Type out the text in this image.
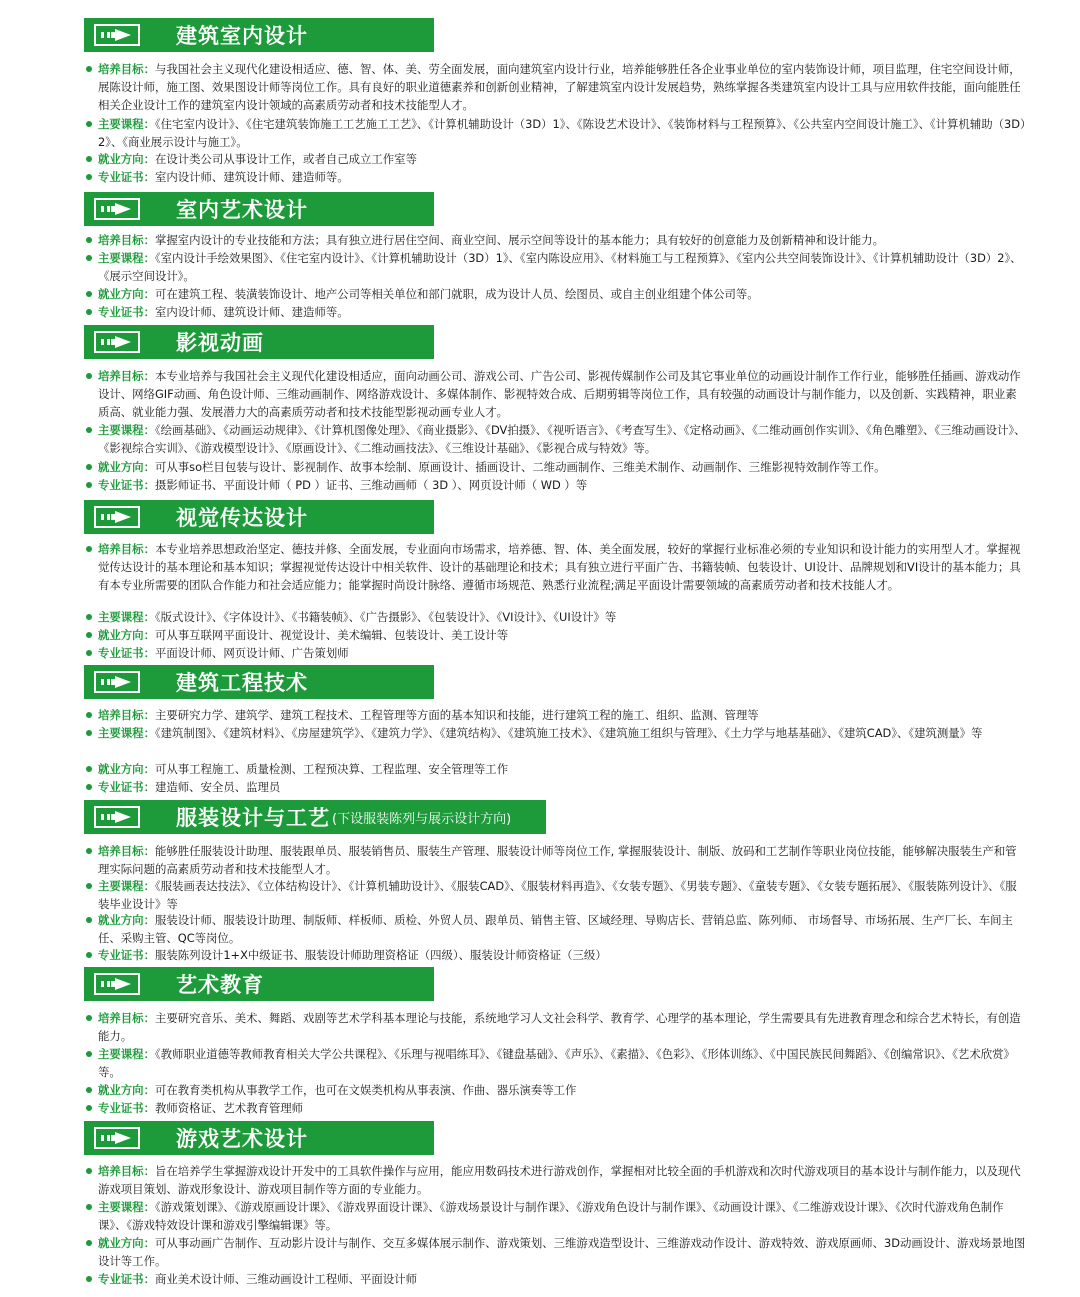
建筑室内设计
培养目标：与我国社会主义现代化建设相适应、德、智、体、美、劳全面发展，面向建筑室内设计行业，培养能够胜任各企业事业单位的室内装饰设计师，项目监理，住宅空间设计师，展陈设计师，施工图、效果图设计师等岗位工作。具有良好的职业道德素养和创新创业精神，了解建筑室内设计发展趋势，熟练掌握各类建筑室内设计工具与应用软件技能，面向能胜任相关企业设计工作的建筑室内设计领域的高素质劳动者和技术技能型人才。
主要课程：《住宅室内设计》、《住宅建筑装饰施工工艺施工工艺》、《计算机辅助设计（3D）1》、《陈设艺术设计》、《装饰材料与工程预算》、《公共室内空间设计施工》、《计算机辅助（3D）2》、《商业展示设计与施工》。
就业方向：在设计类公司从事设计工作，或者自己成立工作室等
专业证书：室内设计师、建筑设计师、建造师等。
室内艺术设计
培养目标：掌握室内设计的专业技能和方法；具有独立进行居住空间、商业空间、展示空间等设计的基本能力；具有较好的创意能力及创新精神和设计能力。
主要课程：《室内设计手绘效果图》、《住宅室内设计》、《计算机辅助设计（3D）1》、《室内陈设应用》、《材料施工与工程预算》、《室内公共空间装饰设计》、《计算机辅助设计（3D）2》、《展示空间设计》。
就业方向：可在建筑工程、装潢装饰设计、地产公司等相关单位和部门就职，成为设计人员、绘图员、或自主创业组建个体公司等。
专业证书：室内设计师、建筑设计师、建造师等。
影视动画
培养目标：本专业培养与我国社会主义现代化建设相适应，面向动画公司、游戏公司、广告公司、影视传媒制作公司及其它事业单位的动画设计制作工作行业，能够胜任插画、游戏动作设计、网络GIF动画、角色设计师、三维动画制作、网络游戏设计、多媒体制作、影视特效合成、后期剪辑等岗位工作，具有较强的动画设计与制作能力，以及创新、实践精神，职业素质高、就业能力强、发展潜力大的高素质劳动者和技术技能型影视动画专业人才。
主要课程：《绘画基础》、《动画运动规律》、《计算机图像处理》、《商业摄影》、《DV拍摄》、《视听语言》、《考查写生》、《定格动画》、《二维动画创作实训》、《角色雕塑》、《三维动画设计》、《影视综合实训》、《游戏模型设计》、《原画设计》、《二维动画技法》、《三维设计基础》、《影视合成与特效》等。
就业方向：可从事so栏目包装与设计、影视制作、故事本绘制、原画设计、插画设计、二维动画制作、三维美术制作、动画制作、三维影视特效制作等工作。
专业证书：摄影师证书、平面设计师（ PD ）证书、三维动画师（ 3D ）、网页设计师（ WD ）等
视觉传达设计
培养目标：本专业培养思想政治坚定、德技并修、全面发展，专业面向市场需求，培养德、智、体、美全面发展，较好的掌握行业标准必须的专业知识和设计能力的实用型人才。掌握视觉传达设计的基本理论和基本知识；掌握视觉传达设计中相关软件、设计的基础理论和技术；具有独立进行平面广告、书籍装帧、包装设计、UI设计、品牌规划和VI设计的基本能力；具有本专业所需要的团队合作能力和社会适应能力；能掌握时尚设计脉络、遵循市场规范、熟悉行业流程;满足平面设计需要领域的高素质劳动者和技术技能人才。
主要课程：《版式设计》、《字体设计》、《书籍装帧》、《广告摄影》、《包装设计》、《VI设计》、《UI设计》等
就业方向：可从事互联网平面设计、视觉设计、美术编辑、包装设计、美工设计等
专业证书：平面设计师、网页设计师、广告策划师
建筑工程技术
培养目标：主要研究力学、建筑学、建筑工程技术、工程管理等方面的基本知识和技能，进行建筑工程的施工、组织、监测、管理等
主要课程：《建筑制图》、《建筑材料》、《房屋建筑学》、《建筑力学》、《建筑结构》、《建筑施工技术》、《建筑施工组织与管理》、《土力学与地基基础》、《建筑CAD》、《建筑测量》等
就业方向：可从事工程施工、质量检测、工程预决算、工程监理、安全管理等工作
专业证书：建造师、安全员、监理员
服装设计与工艺 (下设服装陈列与展示设计方向)
培养目标：能够胜任服装设计助理、服装跟单员、服装销售员、服装生产管理、服装设计师等岗位工作, 掌握服装设计、制版、放码和工艺制作等职业岗位技能，能够解决服装生产和管理实际问题的高素质劳动者和技术技能型人才。
主要课程：《服装画表达技法》、《立体结构设计》、《计算机辅助设计》、《服装CAD》、《服装材料再造》、《女装专题》、《男装专题》、《童装专题》、《女装专题拓展》、《服装陈列设计》、《服装毕业设计》等
就业方向：服装设计师、服装设计助理、制版师、样板师、质检、外贸人员、跟单员、销售主管、区域经理、导购店长、营销总监、陈列师、 市场督导、市场拓展、生产厂长、车间主任、采购主管、QC等岗位。
专业证书：服装陈列设计1+X中级证书、服装设计师助理资格证（四级）、服装设计师资格证（三级）
艺术教育
培养目标：主要研究音乐、美术、舞蹈、戏剧等艺术学科基本理论与技能，系统地学习人文社会科学、教育学、心理学的基本理论，学生需要具有先进教育理念和综合艺术特长，有创造能力。
主要课程：《教师职业道德等教师教育相关大学公共课程》、《乐理与视唱练耳》、《键盘基础》、《声乐》、《素描》、《色彩》、《形体训练》、《中国民族民间舞蹈》、《创编常识》、《艺术欣赏》等。
就业方向：可在教育类机构从事教学工作，也可在文娱类机构从事表演、作曲、器乐演奏等工作
专业证书：教师资格证、艺术教育管理师
游戏艺术设计
培养目标：旨在培养学生掌握游戏设计开发中的工具软件操作与应用，能应用数码技术进行游戏创作，掌握相对比较全面的手机游戏和次时代游戏项目的基本设计与制作能力，以及现代游戏项目策划、游戏形象设计、游戏项目制作等方面的专业能力。
主要课程：《游戏策划课》、《游戏原画设计课》、《游戏界面设计课》、《游戏场景设计与制作课》、《游戏角色设计与制作课》、《动画设计课》、《二维游戏设计课》、《次时代游戏角色制作课》、《游戏特效设计课和游戏引擎编辑课》等。
就业方向：可从事动画广告制作、互动影片设计与制作、交互多媒体展示制作、游戏策划、三维游戏造型设计、三维游戏动作设计、游戏特效、游戏原画师、3D动画设计、游戏场景地图设计等工作。
专业证书：商业美术设计师、三维动画设计工程师、平面设计师
